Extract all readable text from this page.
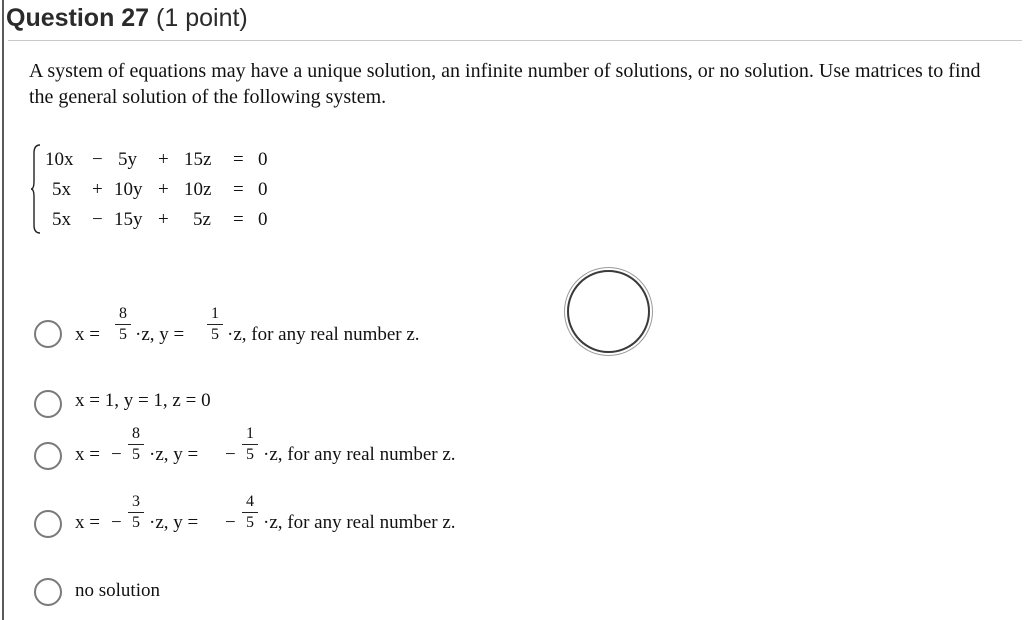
Question 27 (1 point)
A system of equations may have a unique solution, an infinite number of solutions, or no solution. Use matrices to find the general solution of the following system.
10x − 5y + 15z = 0
5x + 10y + 10z = 0
5x − 15y + 5z = 0
x =
8
5 ·z, y =
1
5 ·z, for any real number z.
x = 1, y = 1, z = 0
x = −
8
5 ·z, y = −
1
5 ·z, for any real number z.
x = −
3
5 ·z, y = −
4
5 ·z, for any real number z.
no solution
